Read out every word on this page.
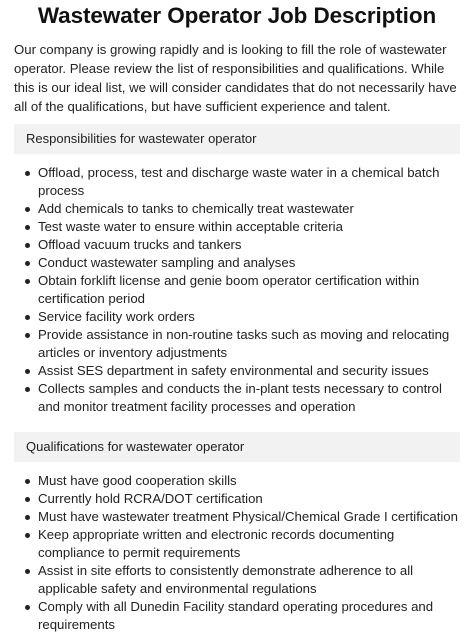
Wastewater Operator Job Description

Our company is growing rapidly and is looking to fill the role of wastewater operator. Please review the list of responsibilities and qualifications. While this is our ideal list, we will consider candidates that do not necessarily have all of the qualifications, but have sufficient experience and talent.

Responsibilities for wastewater operator
Offload, process, test and discharge waste water in a chemical batch process
Add chemicals to tanks to chemically treat wastewater
Test waste water to ensure within acceptable criteria
Offload vacuum trucks and tankers
Conduct wastewater sampling and analyses
Obtain forklift license and genie boom operator certification within certification period
Service facility work orders
Provide assistance in non-routine tasks such as moving and relocating articles or inventory adjustments
Assist SES department in safety environmental and security issues
Collects samples and conducts the in-plant tests necessary to control and monitor treatment facility processes and operation
Qualifications for wastewater operator
Must have good cooperation skills
Currently hold RCRA/DOT certification
Must have wastewater treatment Physical/Chemical Grade I certification
Keep appropriate written and electronic records documenting compliance to permit requirements
Assist in site efforts to consistently demonstrate adherence to all applicable safety and environmental regulations
Comply with all Dunedin Facility standard operating procedures and requirements
